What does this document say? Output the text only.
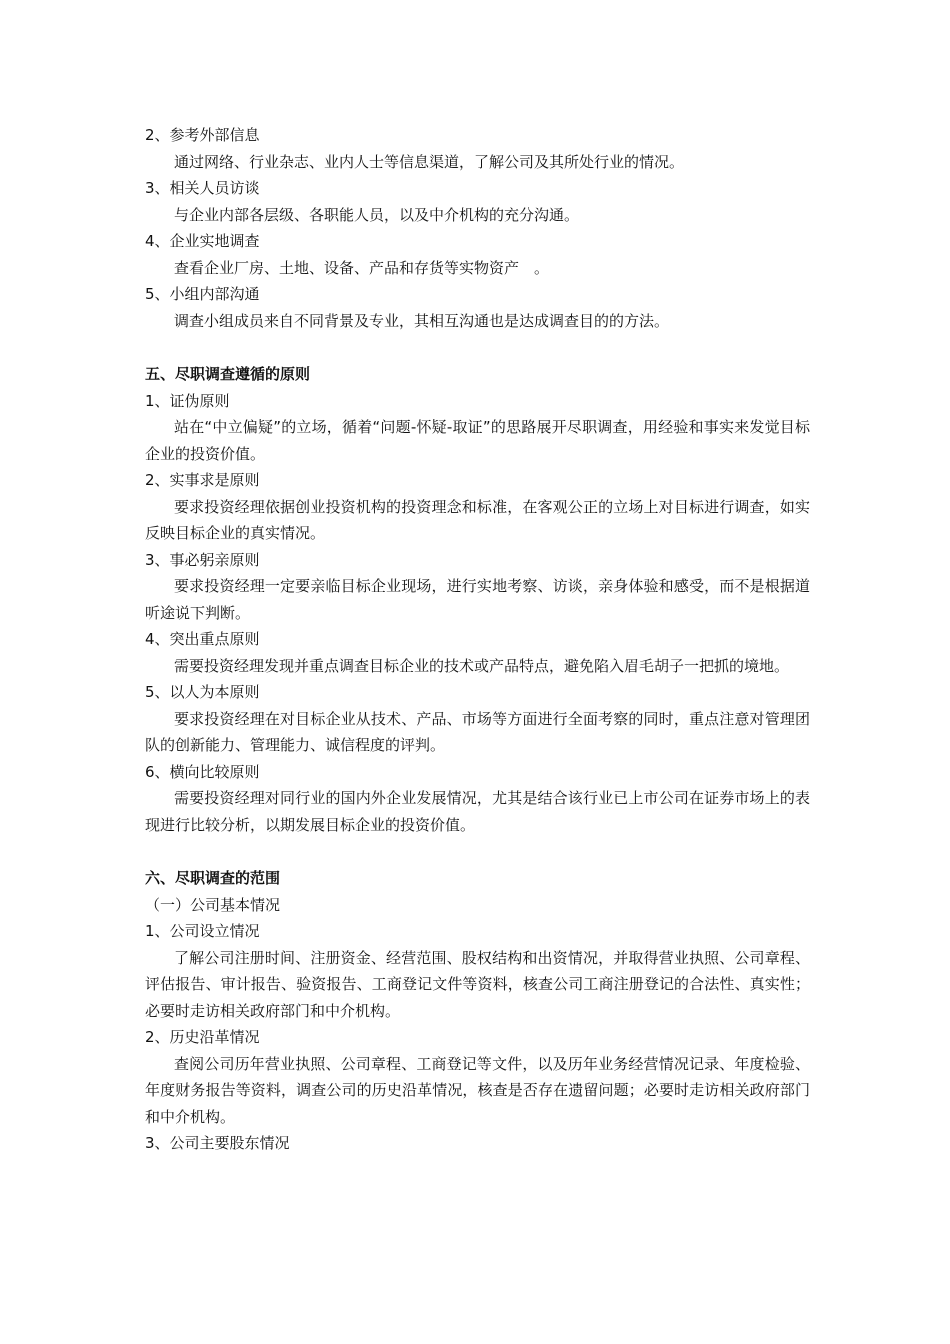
2、参考外部信息
通过网络、行业杂志、业内人士等信息渠道，了解公司及其所处行业的情况。
3、相关人员访谈
与企业内部各层级、各职能人员，以及中介机构的充分沟通。
4、企业实地调查
查看企业厂房、土地、设备、产品和存货等实物资产　。
5、小组内部沟通
调查小组成员来自不同背景及专业，其相互沟通也是达成调查目的的方法。
五、尽职调查遵循的原则
1、证伪原则
站在“中立偏疑”的立场，循着“问题-怀疑-取证”的思路展开尽职调查，用经验和事实来发觉目标企业的投资价值。
2、实事求是原则
要求投资经理依据创业投资机构的投资理念和标准，在客观公正的立场上对目标进行调查，如实反映目标企业的真实情况。
3、事必躬亲原则
要求投资经理一定要亲临目标企业现场，进行实地考察、访谈，亲身体验和感受，而不是根据道听途说下判断。
4、突出重点原则
需要投资经理发现并重点调查目标企业的技术或产品特点，避免陷入眉毛胡子一把抓的境地。
5、以人为本原则
要求投资经理在对目标企业从技术、产品、市场等方面进行全面考察的同时，重点注意对管理团队的创新能力、管理能力、诚信程度的评判。
6、横向比较原则
需要投资经理对同行业的国内外企业发展情况，尤其是结合该行业已上市公司在证券市场上的表现进行比较分析，以期发展目标企业的投资价值。
六、尽职调查的范围
（一）公司基本情况
1、公司设立情况
了解公司注册时间、注册资金、经营范围、股权结构和出资情况，并取得营业执照、公司章程、评估报告、审计报告、验资报告、工商登记文件等资料，核查公司工商注册登记的合法性、真实性；必要时走访相关政府部门和中介机构。
2、历史沿革情况
查阅公司历年营业执照、公司章程、工商登记等文件，以及历年业务经营情况记录、年度检验、年度财务报告等资料，调查公司的历史沿革情况，核查是否存在遗留问题；必要时走访相关政府部门和中介机构。
3、公司主要股东情况
